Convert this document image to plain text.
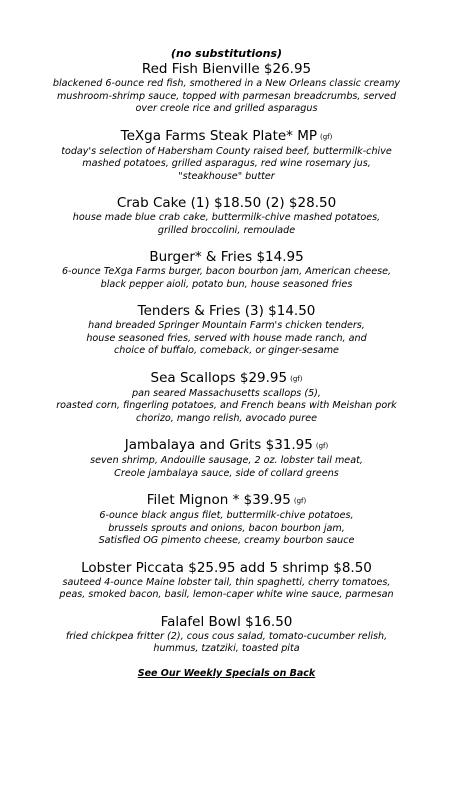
(no substitutions)
Red Fish Bienville $26.95
blackened 6-ounce red fish, smothered in a New Orleans classic creamy
mushroom-shrimp sauce, topped with parmesan breadcrumbs, served
over creole rice and grilled asparagus
TeXga Farms Steak Plate* MP (gf)
today's selection of Habersham County raised beef, buttermilk-chive
mashed potatoes, grilled asparagus, red wine rosemary jus,
"steakhouse" butter
Crab Cake (1) $18.50 (2) $28.50
house made blue crab cake, buttermilk-chive mashed potatoes,
grilled broccolini, remoulade
Burger* & Fries $14.95
6-ounce TeXga Farms burger, bacon bourbon jam, American cheese,
black pepper aioli, potato bun, house seasoned fries
Tenders & Fries (3) $14.50
hand breaded Springer Mountain Farm's chicken tenders,
house seasoned fries, served with house made ranch, and
choice of buffalo, comeback, or ginger-sesame
Sea Scallops $29.95 (gf)
pan seared Massachusetts scallops (5),
roasted corn, fingerling potatoes, and French beans with Meishan pork
chorizo, mango relish, avocado puree
Jambalaya and Grits $31.95 (gf)
seven shrimp, Andouille sausage, 2 oz. lobster tail meat,
Creole jambalaya sauce, side of collard greens
Filet Mignon * $39.95 (gf)
6-ounce black angus filet, buttermilk-chive potatoes,
brussels sprouts and onions, bacon bourbon jam,
Satisfied OG pimento cheese, creamy bourbon sauce
Lobster Piccata $25.95 add 5 shrimp $8.50
sauteed 4-ounce Maine lobster tail, thin spaghetti, cherry tomatoes,
peas, smoked bacon, basil, lemon-caper white wine sauce, parmesan
Falafel Bowl $16.50
fried chickpea fritter (2), cous cous salad, tomato-cucumber relish,
hummus, tzatziki, toasted pita
See Our Weekly Specials on Back
